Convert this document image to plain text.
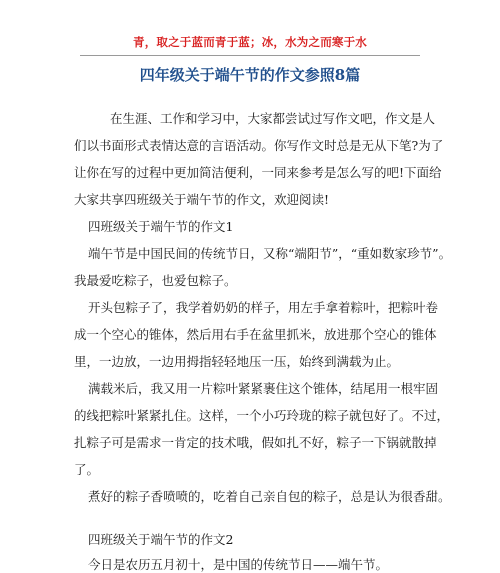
青，取之于蓝而青于蓝；冰，水为之而寒于水
四年级关于端午节的作文参照8篇
在生涯、工作和学习中，大家都尝试过写作文吧，作文是人
们以书面形式表情达意的言语活动。你写作文时总是无从下笔?为了
让你在写的过程中更加简洁便利，一同来参考是怎么写的吧!下面给
大家共享四班级关于端午节的作文，欢迎阅读!
四班级关于端午节的作文1
端午节是中国民间的传统节日，又称“端阳节”，“重如数家珍节”。
我最爱吃粽子，也爱包粽子。
开头包粽子了，我学着奶奶的样子，用左手拿着粽叶，把粽叶卷
成一个空心的锥体，然后用右手在盆里抓米，放进那个空心的锥体
里，一边放，一边用拇指轻轻地压一压，始终到满载为止。
满载米后，我又用一片粽叶紧紧裹住这个锥体，结尾用一根牢固
的线把粽叶紧紧扎住。这样，一个小巧玲珑的粽子就包好了。不过，
扎粽子可是需求一肯定的技术哦，假如扎不好，粽子一下锅就散掉
了。
煮好的粽子香喷喷的，吃着自己亲自包的粽子，总是认为很香甜。
四班级关于端午节的作文2
今日是农历五月初十，是中国的传统节日——端午节。
